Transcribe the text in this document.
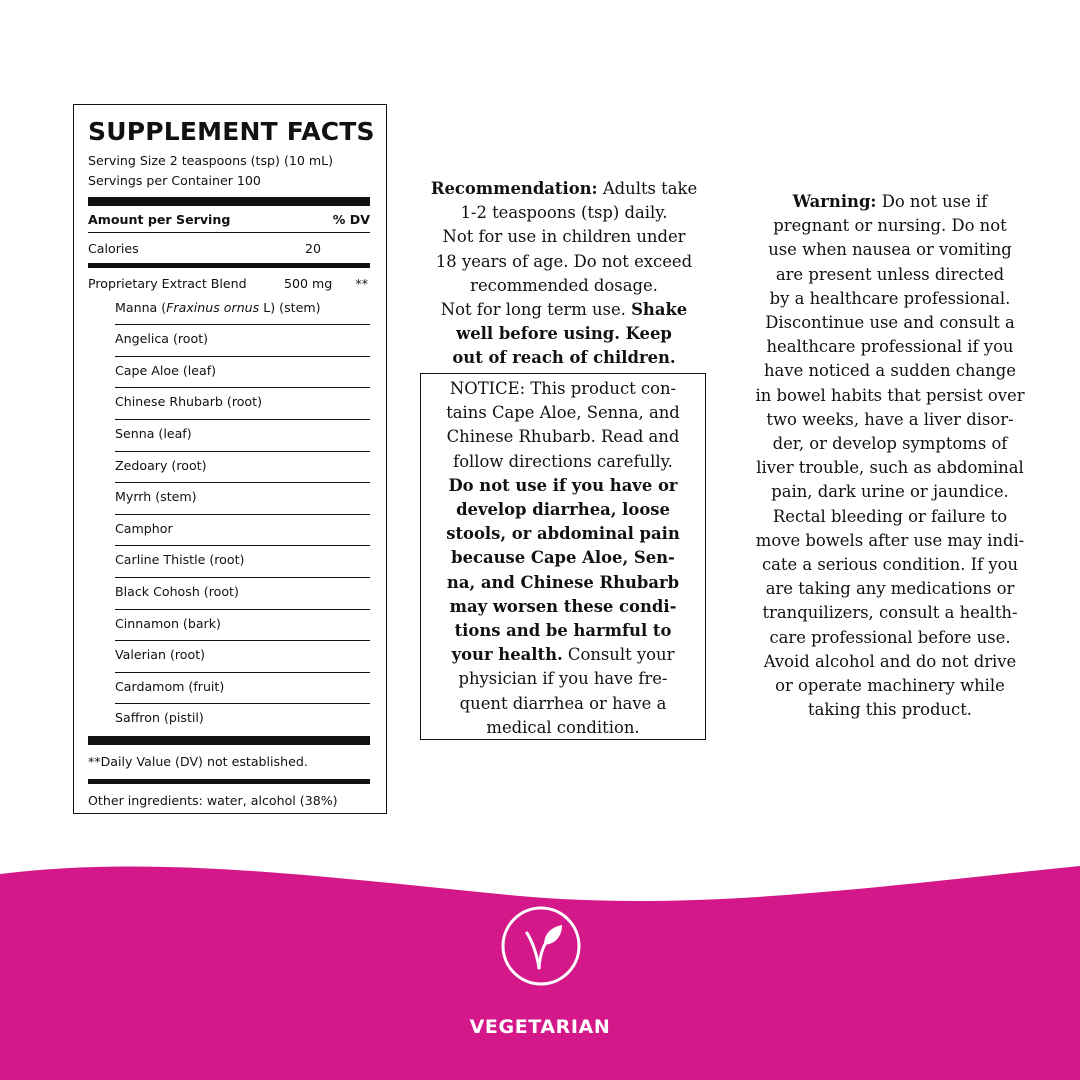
SUPPLEMENT FACTS
Serving Size 2 teaspoons (tsp) (10 mL)
Servings per Container 100
Amount per Serving	% DV
Calories	20
Proprietary Extract Blend	500 mg **
Manna (Fraxinus ornus L) (stem)
Angelica (root)
Cape Aloe (leaf)
Chinese Rhubarb (root)
Senna (leaf)
Zedoary (root)
Myrrh (stem)
Camphor
Carline Thistle (root)
Black Cohosh (root)
Cinnamon (bark)
Valerian (root)
Cardamom (fruit)
Saffron (pistil)
**Daily Value (DV) not established.
Other ingredients: water, alcohol (38%)
Recommendation: Adults take
1-2 teaspoons (tsp) daily.
Not for use in children under
18 years of age. Do not exceed
recommended dosage.
Not for long term use. Shake
well before using. Keep
out of reach of children.
NOTICE: This product con-
tains Cape Aloe, Senna, and
Chinese Rhubarb. Read and
follow directions carefully.
Do not use if you have or
develop diarrhea, loose
stools, or abdominal pain
because Cape Aloe, Sen-
na, and Chinese Rhubarb
may worsen these condi-
tions and be harmful to
your health. Consult your
physician if you have fre-
quent diarrhea or have a
medical condition.
Warning: Do not use if
pregnant or nursing. Do not
use when nausea or vomiting
are present unless directed
by a healthcare professional.
Discontinue use and consult a
healthcare professional if you
have noticed a sudden change
in bowel habits that persist over
two weeks, have a liver disor-
der, or develop symptoms of
liver trouble, such as abdominal
pain, dark urine or jaundice.
Rectal bleeding or failure to
move bowels after use may indi-
cate a serious condition. If you
are taking any medications or
tranquilizers, consult a health-
care professional before use.
Avoid alcohol and do not drive
or operate machinery while
taking this product.
VEGETARIAN
